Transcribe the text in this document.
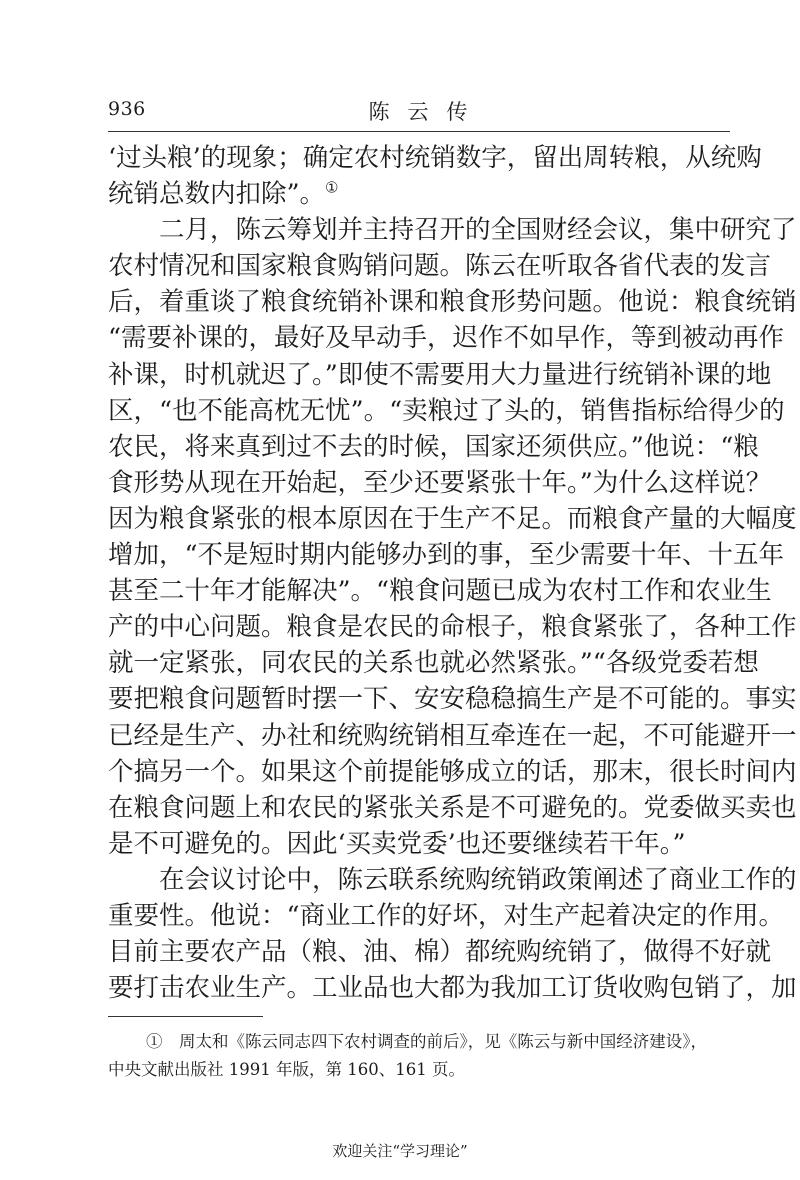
936	陈云传
‘过头粮’的现象；确定农村统销数字，留出周转粮，从统购
统销总数内扣除”。①
二月，陈云筹划并主持召开的全国财经会议，集中研究了
农村情况和国家粮食购销问题。陈云在听取各省代表的发言
后，着重谈了粮食统销补课和粮食形势问题。他说：粮食统销
“需要补课的，最好及早动手，迟作不如早作，等到被动再作
补课，时机就迟了。”即使不需要用大力量进行统销补课的地
区，“也不能高枕无忧”。“卖粮过了头的，销售指标给得少的
农民，将来真到过不去的时候，国家还须供应。”他说：“粮
食形势从现在开始起，至少还要紧张十年。”为什么这样说？
因为粮食紧张的根本原因在于生产不足。而粮食产量的大幅度
增加，“不是短时期内能够办到的事，至少需要十年、十五年
甚至二十年才能解决”。“粮食问题已成为农村工作和农业生
产的中心问题。粮食是农民的命根子，粮食紧张了，各种工作
就一定紧张，同农民的关系也就必然紧张。”“各级党委若想
要把粮食问题暂时摆一下、安安稳稳搞生产是不可能的。事实
已经是生产、办社和统购统销相互牵连在一起，不可能避开一
个搞另一个。如果这个前提能够成立的话，那末，很长时间内
在粮食问题上和农民的紧张关系是不可避免的。党委做买卖也
是不可避免的。因此‘买卖党委’也还要继续若干年。”
在会议讨论中，陈云联系统购统销政策阐述了商业工作的
重要性。他说：“商业工作的好坏，对生产起着决定的作用。
目前主要农产品（粮、油、棉）都统购统销了，做得不好就
要打击农业生产。工业品也大都为我加工订货收购包销了，加
①　周太和《陈云同志四下农村调查的前后》，见《陈云与新中国经济建设》，
中央文献出版社 1991 年版，第 160、161 页。
欢迎关注“学习理论”
